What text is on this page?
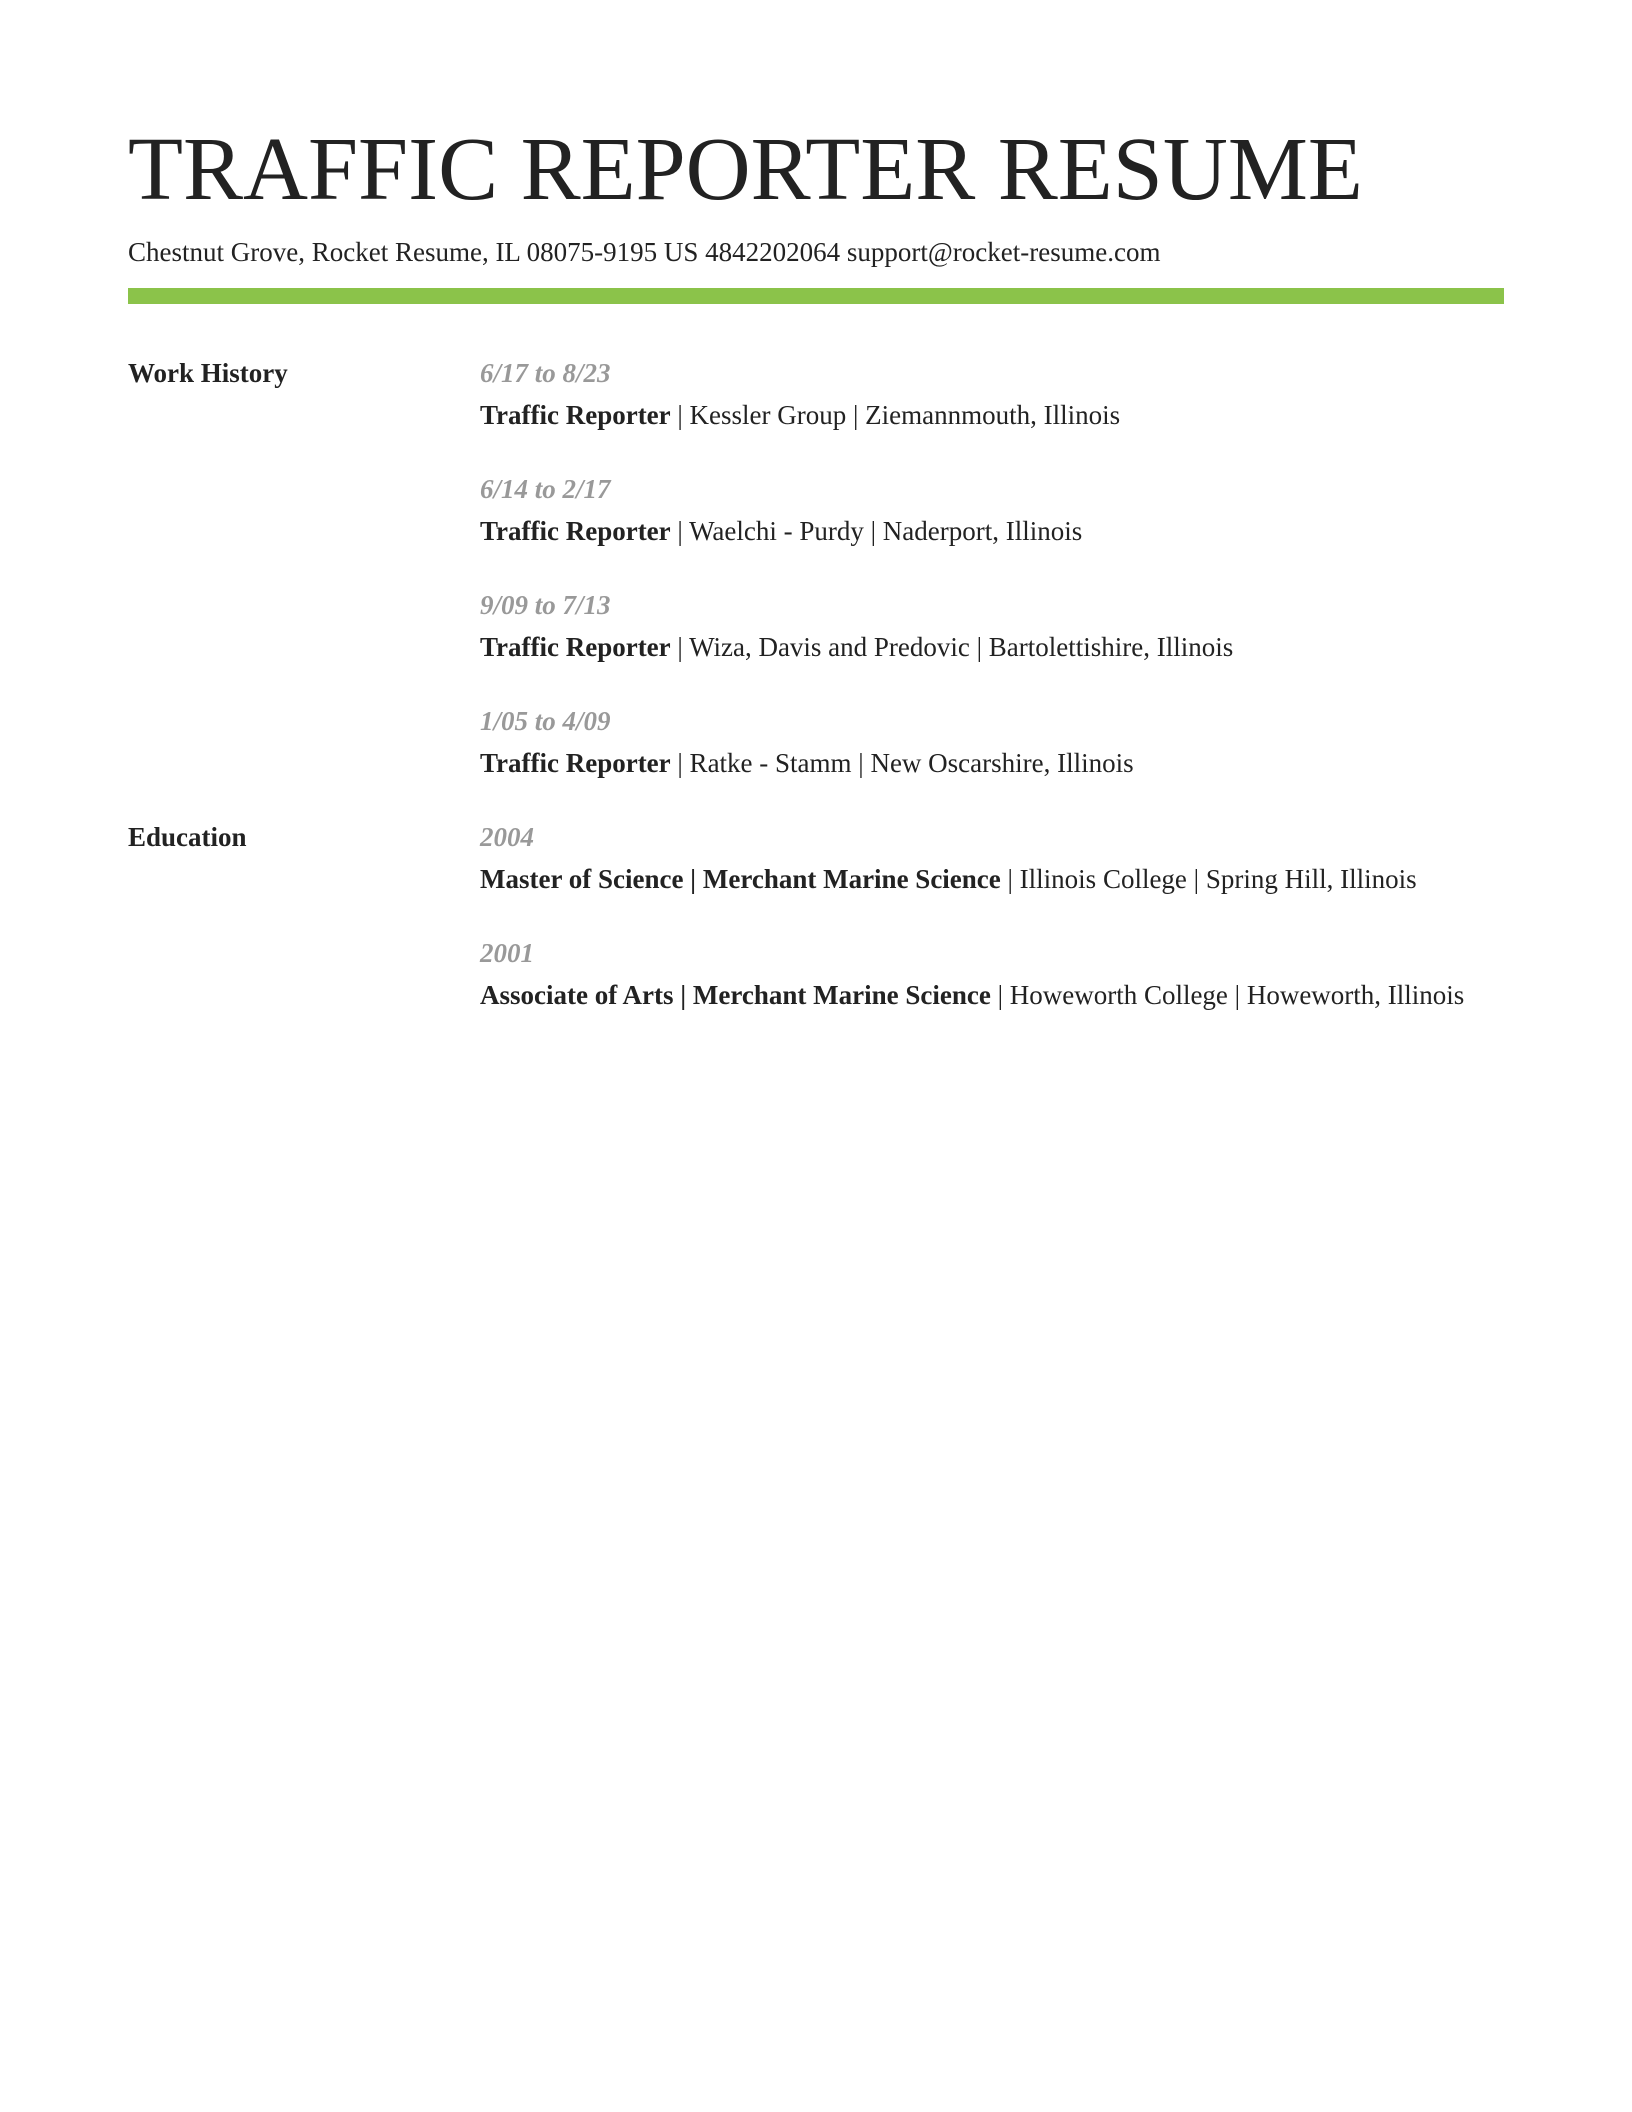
TRAFFIC REPORTER RESUME
Chestnut Grove, Rocket Resume, IL 08075-9195 US 4842202064 support@rocket-resume.com
Work History	6/17 to 8/23
Traffic Reporter | Kessler Group | Ziemannmouth, Illinois
6/14 to 2/17
Traffic Reporter | Waelchi - Purdy | Naderport, Illinois
9/09 to 7/13
Traffic Reporter | Wiza, Davis and Predovic | Bartolettishire, Illinois
1/05 to 4/09
Traffic Reporter | Ratke - Stamm | New Oscarshire, Illinois
Education	2004
Master of Science | Merchant Marine Science | Illinois College | Spring Hill, Illinois
2001
Associate of Arts | Merchant Marine Science | Howeworth College | Howeworth, Illinois
